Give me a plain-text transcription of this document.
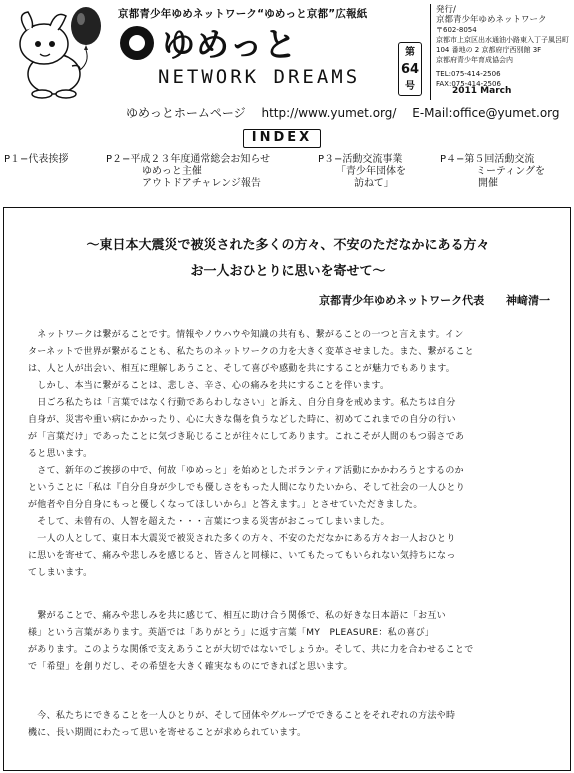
京都青少年ゆめネットワーク“ゆめっと京都”広報紙
ゆめっと
NETWORK DREAMS
第
64
号
発行/
京都青少年ゆめネットワーク
〒602-8054
京都市上京区出水通油小路東入丁子風呂町
104 番地の 2 京都府庁西別館 3F
京都府青少年育成協会内
TEL:075-414-2506
FAX:075-414-2506
2011 March
ゆめっとホームページ http://www.yumet.org/ E-Mail:office@yumet.org
INDEX
P１−代表挨拶	P２−平成２３年度通常総会お知らせ
ゆめっと主催
アウトドアチャレンジ報告
P３−活動交流事業
「青少年団体を
訪ねて」
P４−第５回活動交流
ミーティングを
開催
〜東日本大震災で被災された多くの方々、不安のただなかにある方々
お一人おひとりに思いを寄せて〜
京都青少年ゆめネットワーク代表 神﨑清一

　ネットワークは繋がることです。情報やノウハウや知識の共有も、繋がることの一つと言えます。イン

ターネットで世界が繋がることも、私たちのネットワークの力を大きく変革させました。また、繋がること

は、人と人が出会い、相互に理解しあうこと、そして喜びや感動を共にすることが魅力でもあります。

　しかし、本当に繋がることは、悲しさ、辛さ、心の痛みを共にすることを伴います。

　日ごろ私たちは「言葉ではなく行動であらわしなさい」と訴え、自分自身を戒めます。私たちは自分

自身が、災害や重い病にかかったり、心に大きな傷を負うなどした時に、初めてこれまでの自分の行い

が「言葉だけ」であったことに気づき恥じることが往々にしてあります。これこそが人間のもつ弱さであ

ると思います。

　さて、新年のご挨拶の中で、何故「ゆめっと」を始めとしたボランティア活動にかかわろうとするのか

ということに「私は『自分自身が少しでも優しさをもった人間になりたいから、そして社会の一人ひとり

が他者や自分自身にもっと優しくなってほしいから』と答えます。」とさせていただきました。

　そして、未曾有の、人智を超えた・・・言葉につまる災害がおこってしまいました。

　一人の人として、東日本大震災で被災された多くの方々、不安のただなかにある方々お一人おひとり

に思いを寄せて、痛みや悲しみを感じると、皆さんと同様に、いてもたってもいられない気持ちになっ

てしまいます。

　繋がることで、痛みや悲しみを共に感じて、相互に助け合う関係で、私の好きな日本語に「お互い

様」という言葉があります。英語では「ありがとう」に返す言葉「MY　PLEASURE：私の喜び」

があります。このような関係で支えあうことが大切ではないでしょうか。そして、共に力を合わせることで

で「希望」を創りだし、その希望を大きく確実なものにできればと思います。

　今、私たちにできることを一人ひとりが、そして団体やグループでできることをそれぞれの方法や時

機に、長い期間にわたって思いを寄せることが求められています。
